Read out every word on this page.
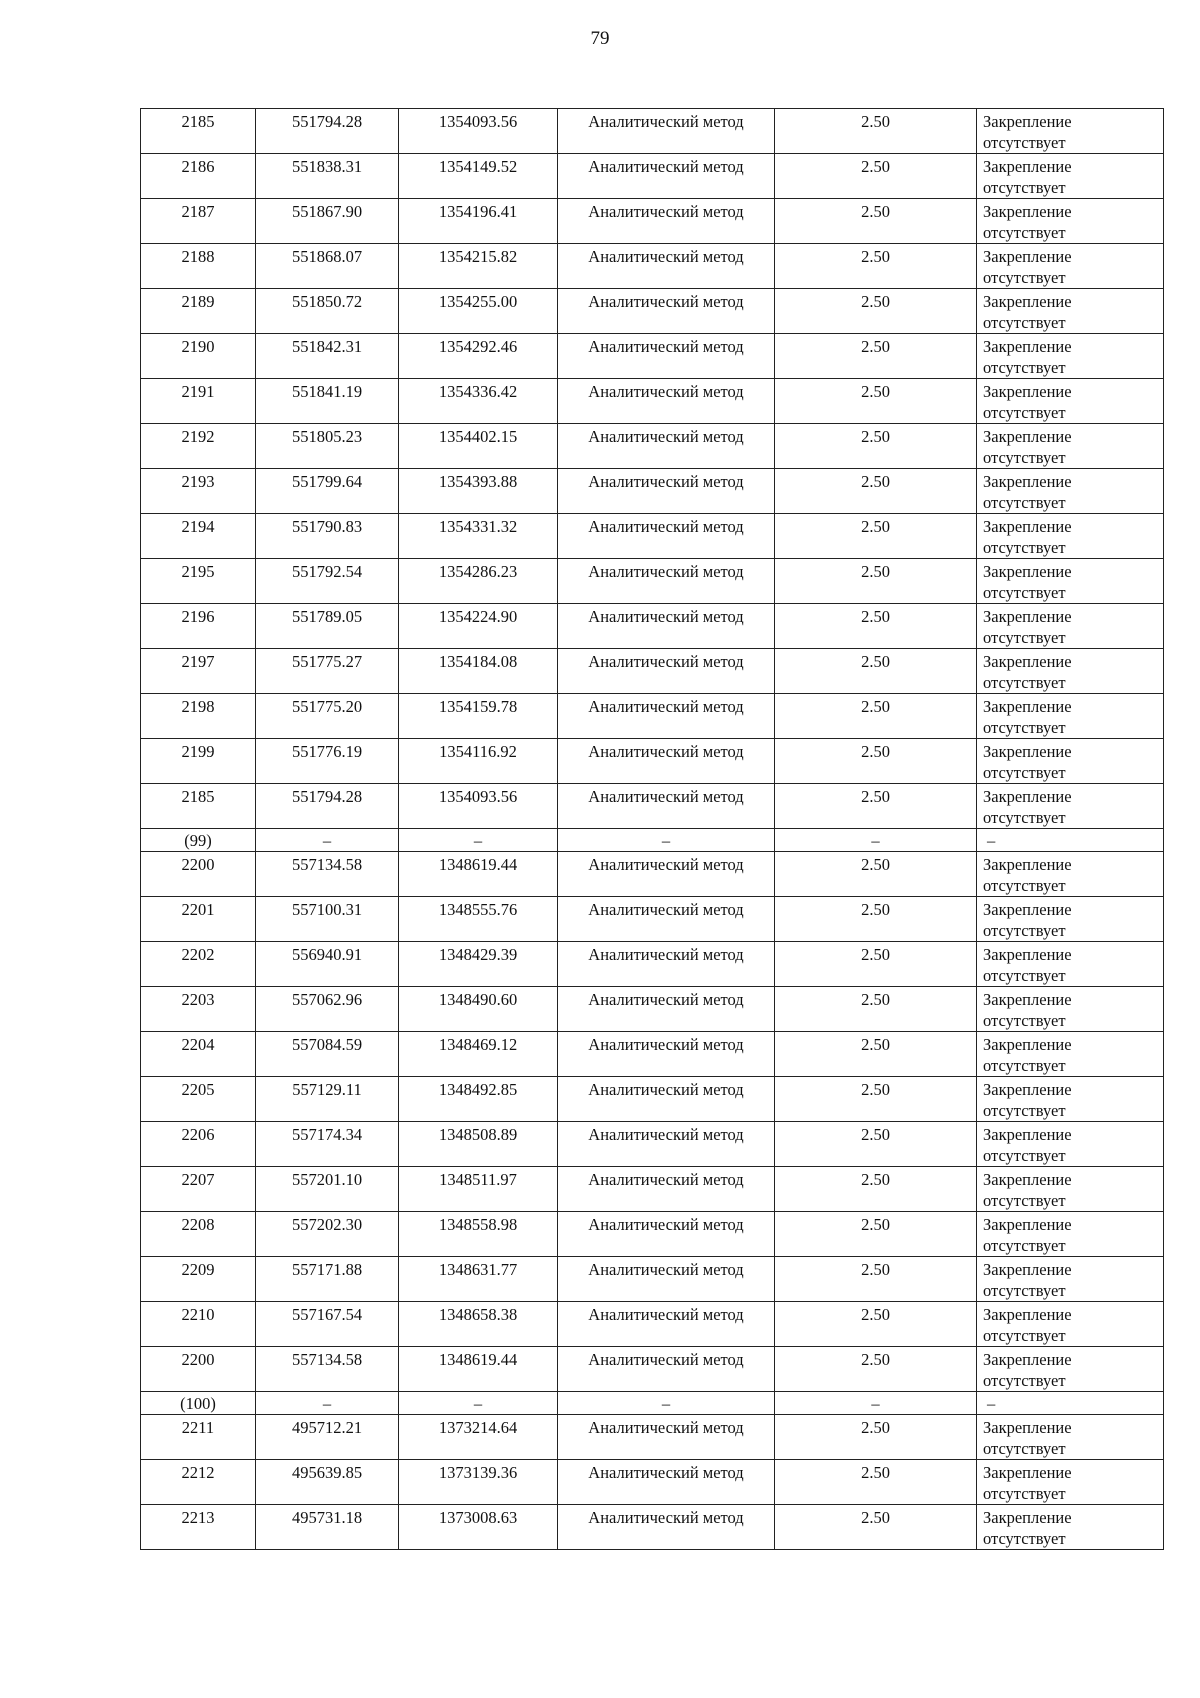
79
2185	551794.28	1354093.56	Аналитический метод	2.50	Закрепление отсутствует
2186	551838.31	1354149.52	Аналитический метод	2.50	Закрепление отсутствует
2187	551867.90	1354196.41	Аналитический метод	2.50	Закрепление отсутствует
2188	551868.07	1354215.82	Аналитический метод	2.50	Закрепление отсутствует
2189	551850.72	1354255.00	Аналитический метод	2.50	Закрепление отсутствует
2190	551842.31	1354292.46	Аналитический метод	2.50	Закрепление отсутствует
2191	551841.19	1354336.42	Аналитический метод	2.50	Закрепление отсутствует
2192	551805.23	1354402.15	Аналитический метод	2.50	Закрепление отсутствует
2193	551799.64	1354393.88	Аналитический метод	2.50	Закрепление отсутствует
2194	551790.83	1354331.32	Аналитический метод	2.50	Закрепление отсутствует
2195	551792.54	1354286.23	Аналитический метод	2.50	Закрепление отсутствует
2196	551789.05	1354224.90	Аналитический метод	2.50	Закрепление отсутствует
2197	551775.27	1354184.08	Аналитический метод	2.50	Закрепление отсутствует
2198	551775.20	1354159.78	Аналитический метод	2.50	Закрепление отсутствует
2199	551776.19	1354116.92	Аналитический метод	2.50	Закрепление отсутствует
2185	551794.28	1354093.56	Аналитический метод	2.50	Закрепление отсутствует
(99)	–	–	–	–	–
2200	557134.58	1348619.44	Аналитический метод	2.50	Закрепление отсутствует
2201	557100.31	1348555.76	Аналитический метод	2.50	Закрепление отсутствует
2202	556940.91	1348429.39	Аналитический метод	2.50	Закрепление отсутствует
2203	557062.96	1348490.60	Аналитический метод	2.50	Закрепление отсутствует
2204	557084.59	1348469.12	Аналитический метод	2.50	Закрепление отсутствует
2205	557129.11	1348492.85	Аналитический метод	2.50	Закрепление отсутствует
2206	557174.34	1348508.89	Аналитический метод	2.50	Закрепление отсутствует
2207	557201.10	1348511.97	Аналитический метод	2.50	Закрепление отсутствует
2208	557202.30	1348558.98	Аналитический метод	2.50	Закрепление отсутствует
2209	557171.88	1348631.77	Аналитический метод	2.50	Закрепление отсутствует
2210	557167.54	1348658.38	Аналитический метод	2.50	Закрепление отсутствует
2200	557134.58	1348619.44	Аналитический метод	2.50	Закрепление отсутствует
(100)	–	–	–	–	–
2211	495712.21	1373214.64	Аналитический метод	2.50	Закрепление отсутствует
2212	495639.85	1373139.36	Аналитический метод	2.50	Закрепление отсутствует
2213	495731.18	1373008.63	Аналитический метод	2.50	Закрепление отсутствует
